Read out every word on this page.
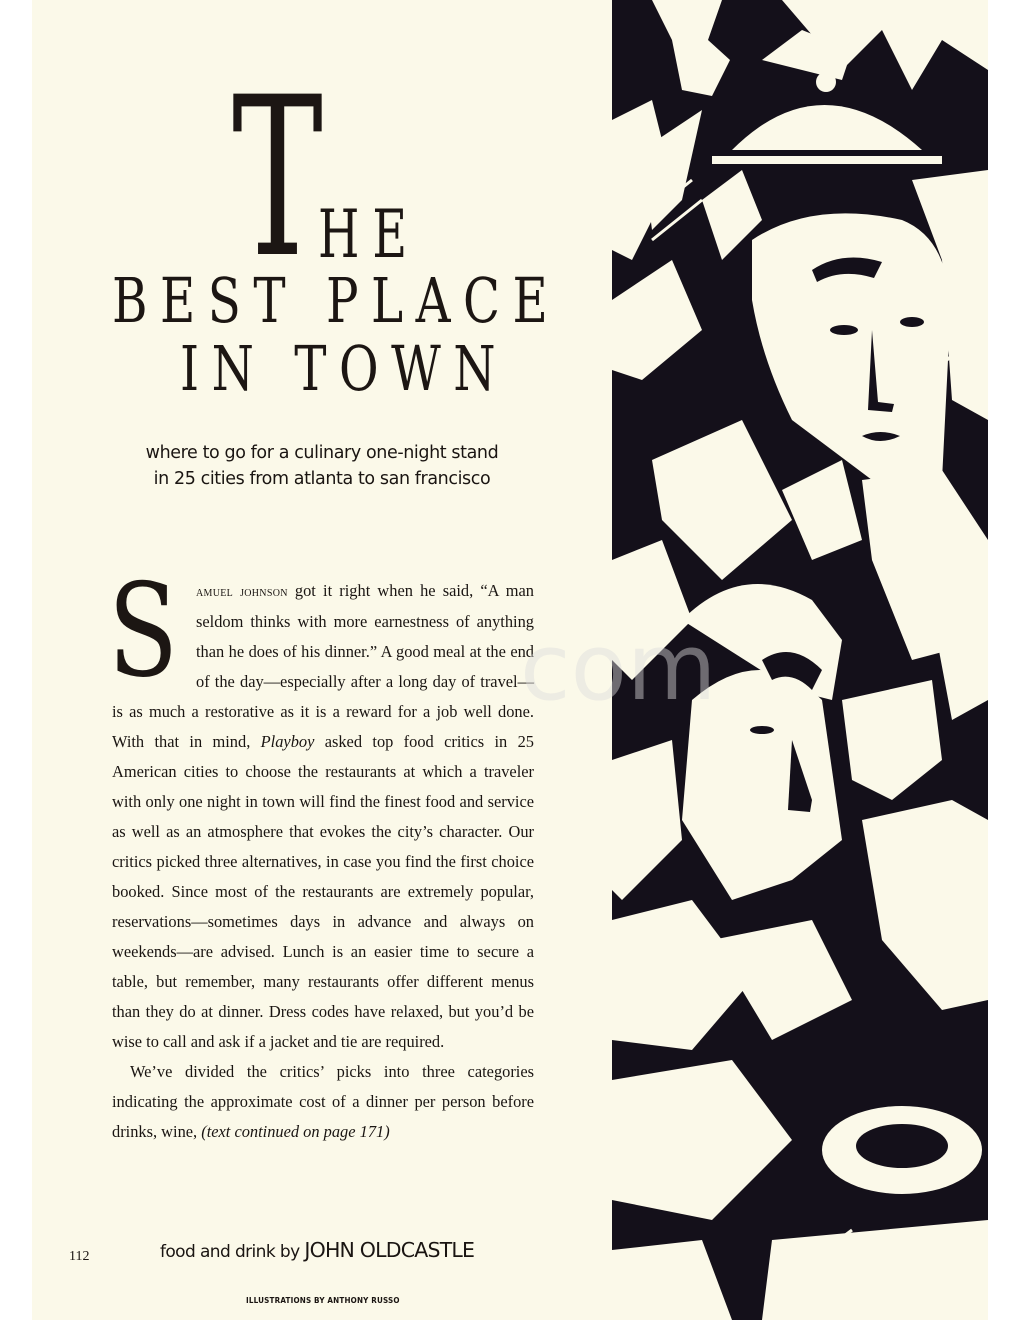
T
HE
BEST PLACE
IN TOWN
where to go for a culinary one-night stand
in 25 cities from atlanta to san francisco

S amuel johnson got it right when he said, “A man seldom thinks with more earnestness of anything than he does of his dinner.” A good meal at the end of the day—especially after a long day of travel—is as much a restorative as it is a reward for a job well done. With that in mind, Playboy asked top food critics in 25 American cities to choose the restaurants at which a traveler with only one night in town will find the finest food and service as well as an atmosphere that evokes the city’s character. Our critics picked three alternatives, in case you find the first choice booked. Since most of the restaurants are extremely popular, reservations—sometimes days in advance and always on weekends—are advised. Lunch is an easier time to secure a table, but remember, many restaurants offer different menus than they do at dinner. Dress codes have relaxed, but you’d be wise to call and ask if a jacket and tie are required.

We’ve divided the critics’ picks into three categories indicating the approximate cost of a dinner per person before drinks, wine, (text continued on page 171)

112	food and drink by JOHN OLDCASTLE
ILLUSTRATIONS BY ANTHONY RUSSO
com
